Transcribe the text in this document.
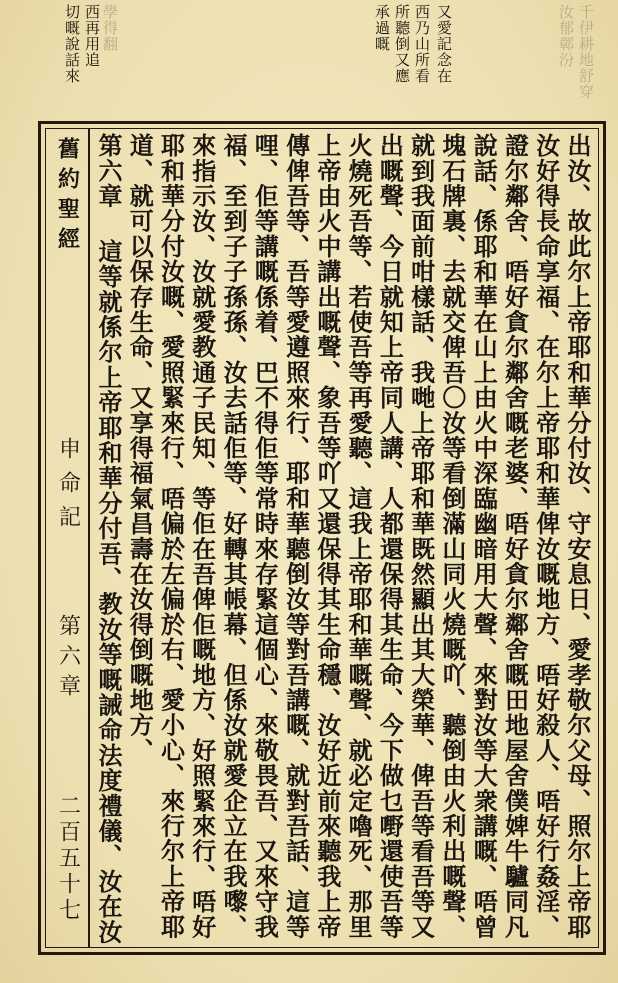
千伊耕地舒穿
汝郁鄣汾
又愛記念在
西乃山所看
所聽倒又應
承過嘅
學得翻
西再用追
切嘅說話來
舊約聖經
申命記
第六章
二百五十七
出汝、故此尔上帝耶和華分付汝、守安息日、愛孝敬尔父母、照尔上帝耶
汝好得長命享福、在尔上帝耶和華俾汝嘅地方、唔好殺人、唔好行姦淫、
證尔鄰舍、唔好貪尔鄰舍嘅老婆、唔好貪尔鄰舍嘅田地屋舍僕婢牛驢同凡
說話、係耶和華在山上由火中深臨幽暗用大聲、來對汝等大衆講嘅、唔曾
塊石牌裏、去就交俾吾〇汝等看倒滿山同火燒嘅吖、聽倒由火利出嘅聲、
就到我面前咁樣話、我哋上帝耶和華既然顯出其大榮華、俾吾等看吾等又
出嘅聲、今日就知上帝同人講、人都還保得其生命、今下做乜嘢還使吾等
火燒死吾等、若使吾等再愛聽、這我上帝耶和華嘅聲、就必定嚕死、那里
上帝由火中講出嘅聲、象吾等吖又還保得其生命穩、汝好近前來聽我上帝
傳俾吾等、吾等愛遵照來行、耶和華聽倒汝等對吾講嘅、就對吾話、這等
哩、佢等講嘅係着、巴不得佢等常時來存緊這個心、來敬畏吾、又來守我
福、至到子子孫孫、汝去話佢等、好轉其帳幕、但係汝就愛企立在我嚟、
來指示汝、汝就愛教通子民知、等佢在吾俾佢嘅地方、好照緊來行、唔好
耶和華分付汝嘅、愛照緊來行、唔偏於左偏於右、愛小心、來行尔上帝耶
道、就可以保存生命、又享得福氣昌壽在汝得倒嘅地方、
第六章 這等就係尔上帝耶和華分付吾、教汝等嘅誡命法度禮儀、汝在汝
